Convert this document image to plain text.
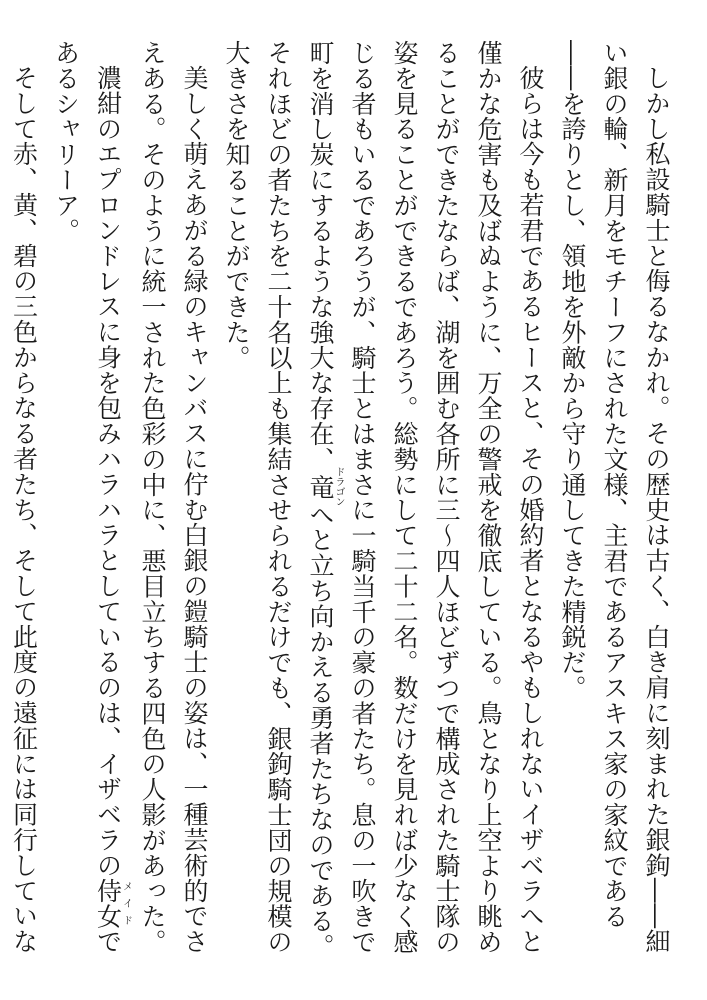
しかし私設騎士と侮るなかれ。その歴史は古く、白き肩に刻まれた銀鉤――細い銀の輪、新月をモチーフにされた文様、主君であるアスキス家の家紋である――を誇りとし、領地を外敵から守り通してきた精鋭だ。

彼らは今も若君であるヒースと、その婚約者となるやもしれないイザベラへと僅かな危害も及ばぬように、万全の警戒を徹底している。鳥となり上空より眺めることができたならば、湖を囲む各所に三～四人ほどずつで構成された騎士隊の姿を見ることができるであろう。総勢にして二十二名。数だけを見れば少なく感じる者もいるであろうが、騎士とはまさに一騎当千の豪の者たち。息の一吹きで町を消し炭にするような強大な存在、竜ドラゴンへと立ち向かえる勇者たちなのである。それほどの者たちを二十名以上も集結させられるだけでも、銀鉤騎士団の規模の大きさを知ることができた。

美しく萌えあがる緑のキャンバスに佇む白銀の鎧騎士の姿は、一種芸術的でさえある。そのように統一された色彩の中に、悪目立ちする四色の人影があった。

濃紺のエプロンドレスに身を包みハラハラとしているのは、イザベラの侍女メイドであるシャリーア。

そして赤、黄、碧の三色からなる者たち、そして此度の遠征には同行していな
